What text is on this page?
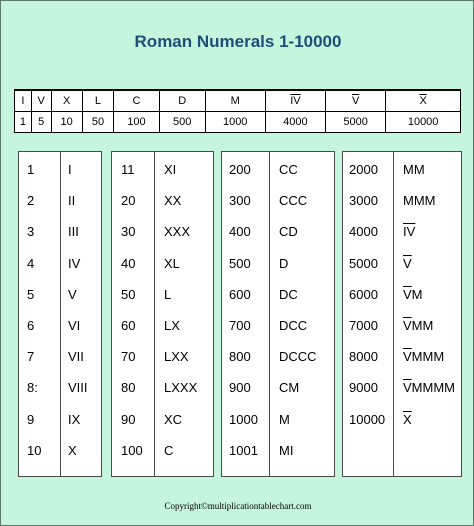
Roman Numerals 1-10000
I	V	X	L	C	D	M	$\overline{IV}$	$\overline{V}$	$\overline{X}$
1	5	10	50	100	500	1000	4000	5000	10000
1	I
2	II
3	III
4	IV
5	V
6	VI
7	VII
8: VIII
9	IX
10 X
11 XI
20 XX
30 XXX
40 XL
50 L
60 LX
70 LXX
80 LXXX
90 XC
100 C
200 CC
300 CCC
400 CD
500 D
600 DC
700 DCC
800 DCCC
900 CM
1000 M
1001 MI
2000 MM
3000 MMM
4000 $\overline{IV}$
5000 $\overline{V}$
6000 $\overline{V}M$
7000 $\overline{V}MM$
8000 $\overline{V}MMM$
9000 $\overline{V}MMMM$
10000 $\overline{X}$
Copyright©multiplicationtablechart.com
